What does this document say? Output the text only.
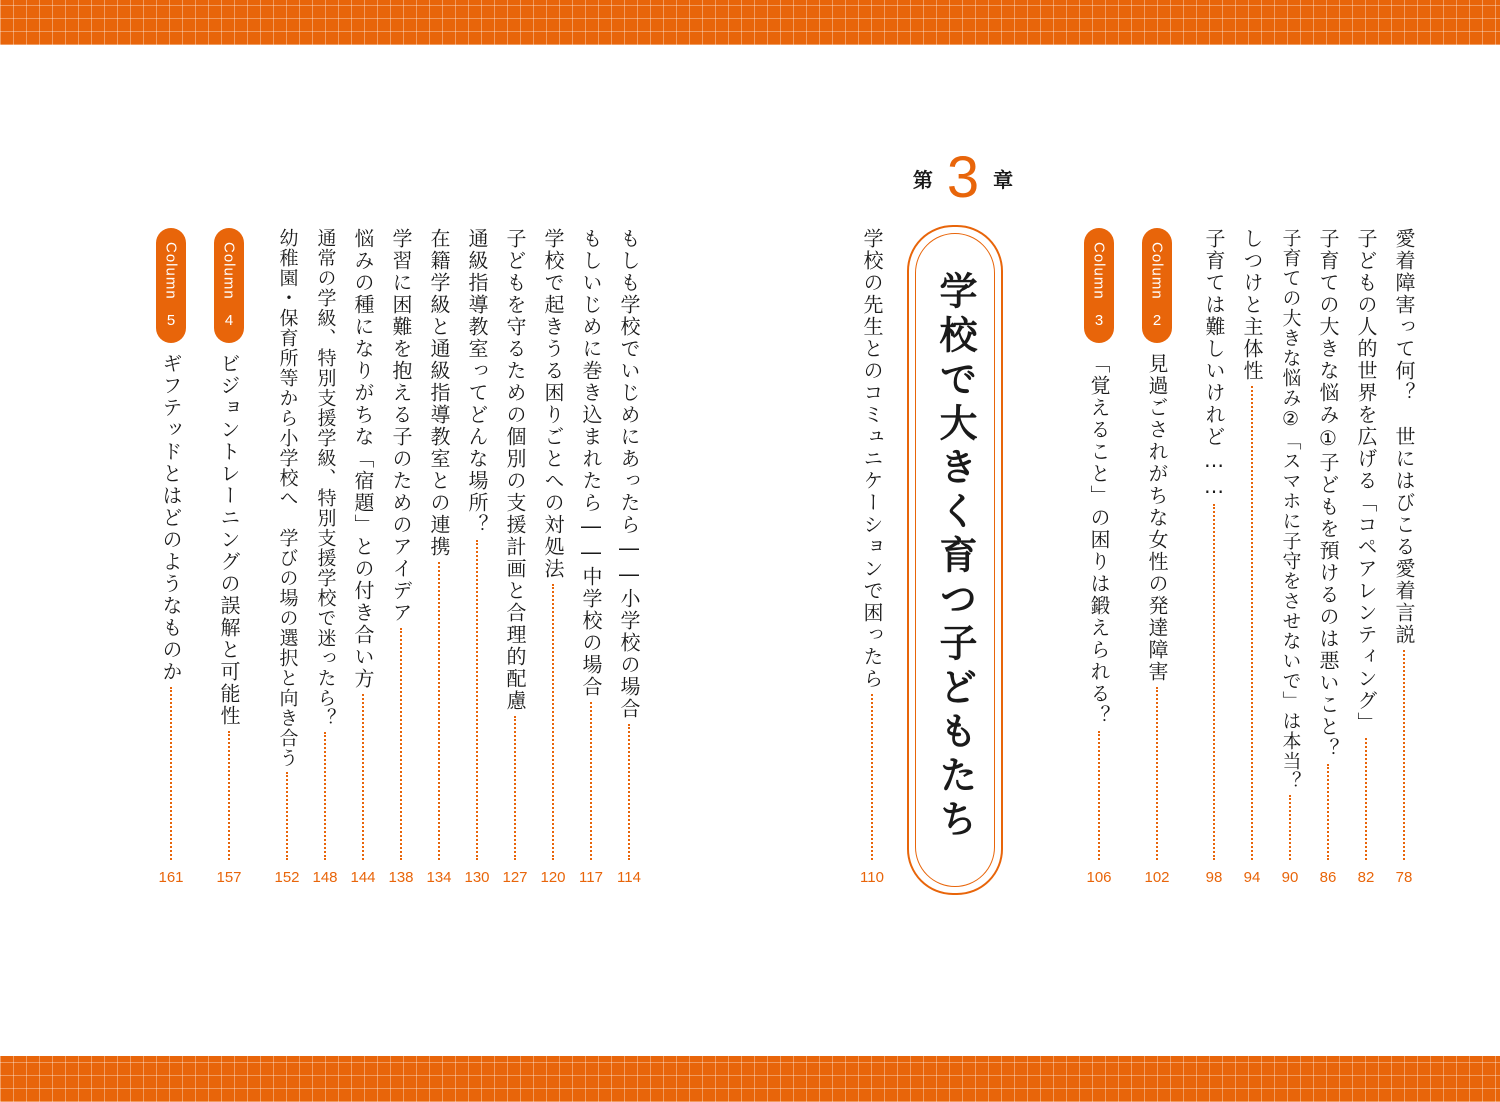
第 3 章
学校で大きく育つ子どもたち	愛着障害って何？　世にはびこる愛着言説
78
子どもの人的世界を広げる「コペアレンティング」
82
子育ての大きな悩み①子どもを預けるのは悪いこと？
86
子育ての大きな悩み②「スマホに子守をさせないで」は本当？
90
しつけと主体性
94
子育ては難しいけれど……
98
Column
2
見過ごされがちな女性の発達障害
102
Column
3
「覚えること」の困りは鍛えられる？
106
学校の先生とのコミュニケーションで困ったら
110
もしも学校でいじめにあったら――小学校の場合
114
もしいじめに巻き込まれたら――中学校の場合
117
学校で起きうる困りごとへの対処法
120
子どもを守るための個別の支援計画と合理的配慮
127
通級指導教室ってどんな場所？
130
在籍学級と通級指導教室との連携
134
学習に困難を抱える子のためのアイデア
138
悩みの種になりがちな「宿題」との付き合い方
144
通常の学級、特別支援学級、特別支援学校で迷ったら？
148
幼稚園・保育所等から小学校へ　学びの場の選択と向き合う
152
Column
4
ビジョントレーニングの誤解と可能性
157
Column
5
ギフテッドとはどのようなものか
161
